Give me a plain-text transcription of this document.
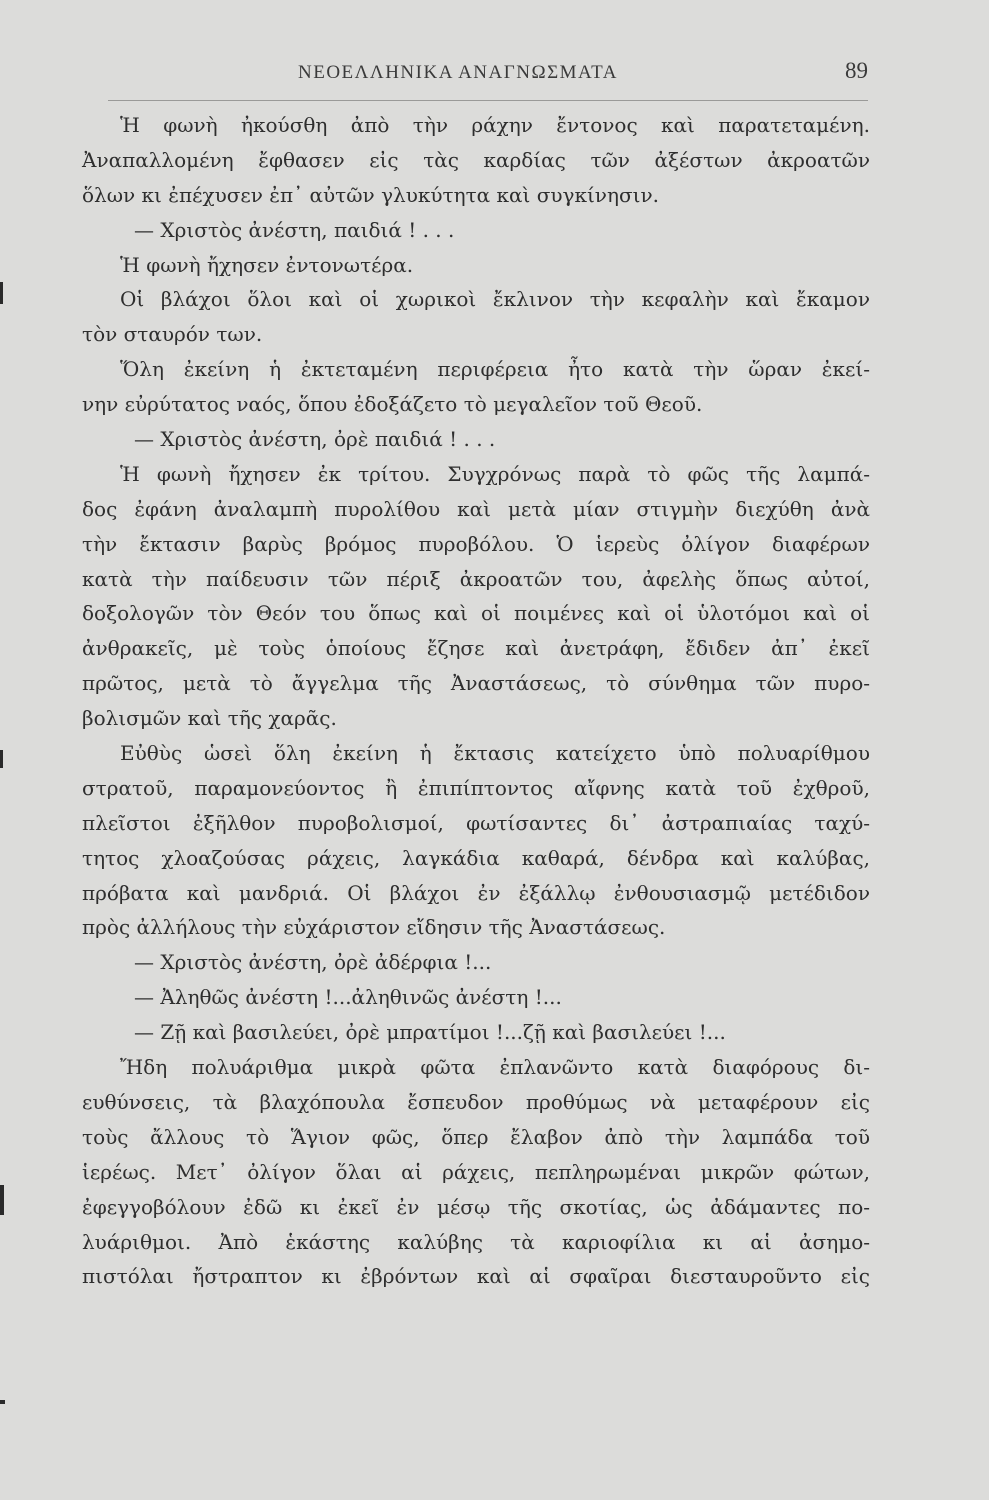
ΝΕΟΕΛΛΗΝΙΚΑ ΑΝΑΓΝΩΣΜΑΤΑ	89
Ἡ φωνὴ ἠκούσθη ἀπὸ τὴν ράχην ἔντονος καὶ παρατεταμένη.
Ἀναπαλλομένη ἔφθασεν εἰς τὰς καρδίας τῶν ἀξέστων ἀκροατῶν
ὅλων κι ἐπέχυσεν ἐπ᾿ αὐτῶν γλυκύτητα καὶ συγκίνησιν.
— Χριστὸς ἀνέστη, παιδιά ! . . .
Ἡ φωνὴ ἤχησεν ἐντονωτέρα.
Οἱ βλάχοι ὅλοι καὶ οἱ χωρικοὶ ἔκλινον τὴν κεφαλὴν καὶ ἔκαμον
τὸν σταυρόν των.
Ὅλη ἐκείνη ἡ ἐκτεταμένη περιφέρεια ἦτο κατὰ τὴν ὥραν ἐκεί-
νην εὐρύτατος ναός, ὅπου ἐδοξάζετο τὸ μεγαλεῖον τοῦ Θεοῦ.
— Χριστὸς ἀνέστη, ὀρὲ παιδιά ! . . .
Ἡ φωνὴ ἤχησεν ἐκ τρίτου. Συγχρόνως παρὰ τὸ φῶς τῆς λαμπά-
δος ἐφάνη ἀναλαμπὴ πυρολίθου καὶ μετὰ μίαν στιγμὴν διεχύθη ἀνὰ
τὴν ἔκτασιν βαρὺς βρόμος πυροβόλου. Ὁ ἱερεὺς ὀλίγον διαφέρων
κατὰ τὴν παίδευσιν τῶν πέριξ ἀκροατῶν του, ἀφελὴς ὅπως αὐτοί,
δοξολογῶν τὸν Θεόν του ὅπως καὶ οἱ ποιμένες καὶ οἱ ὑλοτόμοι καὶ οἱ
ἀνθρακεῖς, μὲ τοὺς ὁποίους ἔζησε καὶ ἀνετράφη, ἔδιδεν ἀπ᾿ ἐκεῖ
πρῶτος, μετὰ τὸ ἄγγελμα τῆς Ἀναστάσεως, τὸ σύνθημα τῶν πυρο-
βολισμῶν καὶ τῆς χαρᾶς.
Εὐθὺς ὡσεὶ ὅλη ἐκείνη ἡ ἔκτασις κατείχετο ὑπὸ πολυαρίθμου
στρατοῦ, παραμονεύοντος ἢ ἐπιπίπτοντος αἴφνης κατὰ τοῦ ἐχθροῦ,
πλεῖστοι ἐξῆλθον πυροβολισμοί, φωτίσαντες δι᾿ ἀστραπιαίας ταχύ-
τητος χλοαζούσας ράχεις, λαγκάδια καθαρά, δένδρα καὶ καλύβας,
πρόβατα καὶ μανδριά. Οἱ βλάχοι ἐν ἐξάλλῳ ἐνθουσιασμῷ μετέδιδον
πρὸς ἀλλήλους τὴν εὐχάριστον εἴδησιν τῆς Ἀναστάσεως.
— Χριστὸς ἀνέστη, ὀρὲ ἀδέρφια !...
— Ἀληθῶς ἀνέστη !...ἀληθινῶς ἀνέστη !...
— Ζῇ καὶ βασιλεύει, ὀρὲ μπρατίμοι !...ζῇ καὶ βασιλεύει !...
Ἤδη πολυάριθμα μικρὰ φῶτα ἐπλανῶντο κατὰ διαφόρους δι-
ευθύνσεις, τὰ βλαχόπουλα ἔσπευδον προθύμως νὰ μεταφέρουν εἰς
τοὺς ἄλλους τὸ Ἅγιον φῶς, ὅπερ ἔλαβον ἀπὸ τὴν λαμπάδα τοῦ
ἱερέως. Μετ᾿ ὀλίγον ὅλαι αἱ ράχεις, πεπληρωμέναι μικρῶν φώτων,
ἐφεγγοβόλουν ἐδῶ κι ἐκεῖ ἐν μέσῳ τῆς σκοτίας, ὡς ἀδάμαντες πο-
λυάριθμοι. Ἀπὸ ἑκάστης καλύβης τὰ καριοφίλια κι αἱ ἀσημο-
πιστόλαι ἤστραπτον κι ἐβρόντων καὶ αἱ σφαῖραι διεσταυροῦντο εἰς
